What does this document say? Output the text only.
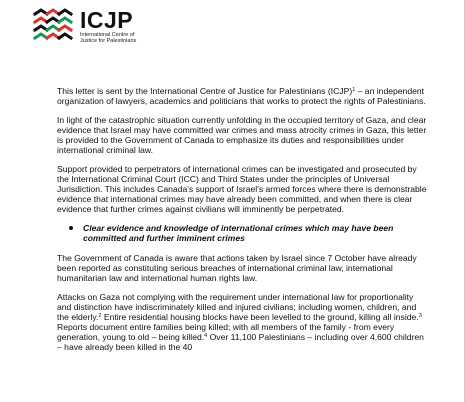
ICJP
International Centre of
Justice for Palestinians

This letter is sent by the International Centre of Justice for Palestinians (ICJP)$^1$ – an independent organization of lawyers, academics and politicians that works to protect the rights of Palestinians.

In light of the catastrophic situation currently unfolding in the occupied territory of Gaza, and clear evidence that Israel may have committed war crimes and mass atrocity crimes in Gaza, this letter is provided to the Government of Canada to emphasize its duties and responsibilities under international criminal law.

Support provided to perpetrators of international crimes can be investigated and prosecuted by the International Criminal Court (ICC) and Third States under the principles of Universal Jurisdiction. This includes Canada's support of Israel's armed forces where there is demonstrable evidence that international crimes may have already been committed, and when there is clear evidence that further crimes against civilians will imminently be perpetrated.

Clear evidence and knowledge of international crimes which may have been committed and further imminent crimes

The Government of Canada is aware that actions taken by Israel since 7 October have already been reported as constituting serious breaches of international criminal law, international humanitarian law and international human rights law.

Attacks on Gaza not complying with the requirement under international law for proportionality and distinction have indiscriminately killed and injured civilians; including women, children, and the elderly.$^2$ Entire residential housing blocks have been levelled to the ground, killing all inside.$^3$ Reports document entire families being killed; with all members of the family - from every generation, young to old – being killed.$^4$ Over 11,100 Palestinians – including over 4,600 children – have already been killed in the 40
